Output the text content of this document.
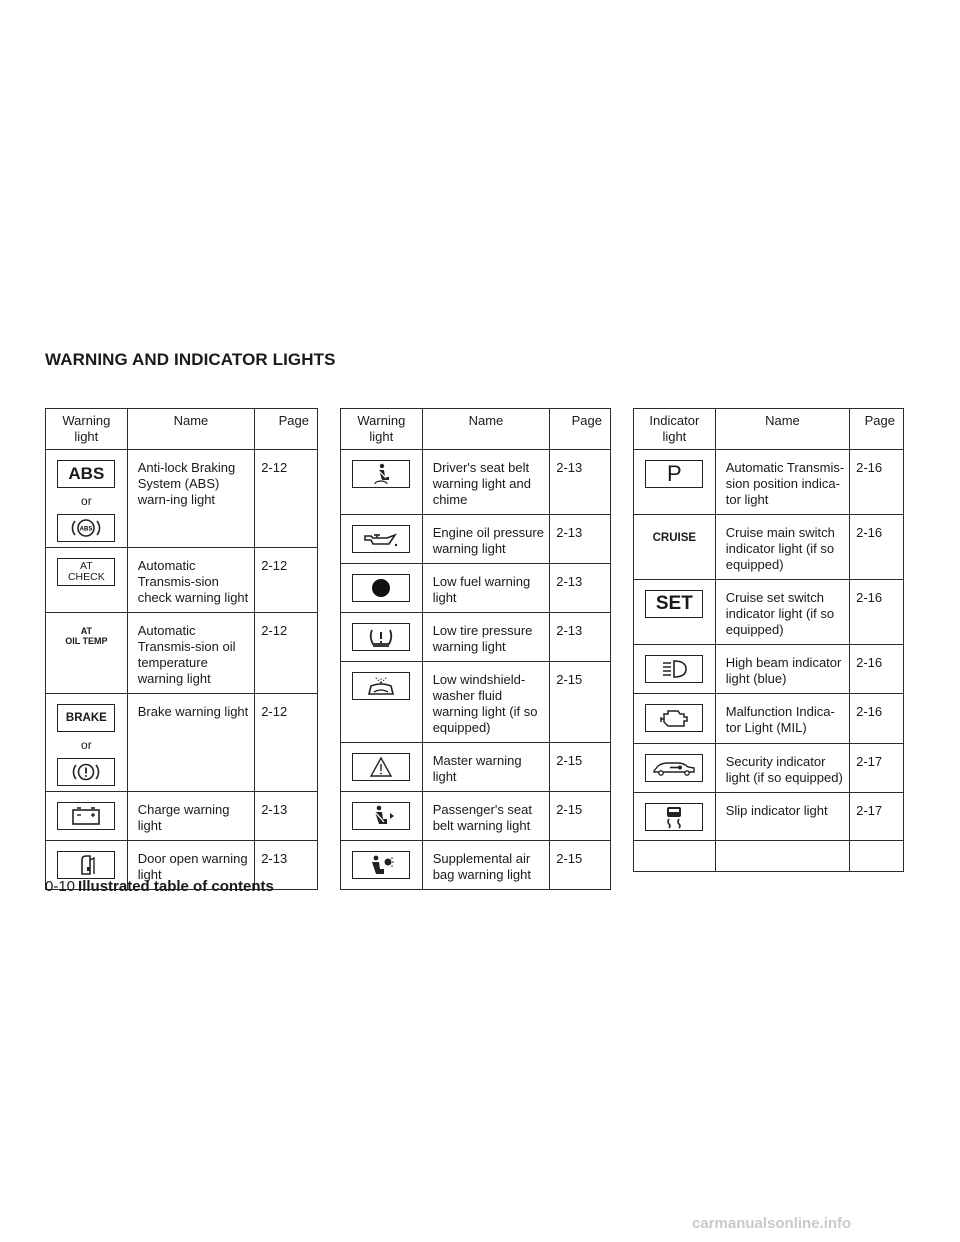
WARNING AND INDICATOR LIGHTS
Warning
light	Name	Page
ABS
or
ABS	Anti-lock Braking System (ABS) warn-ing light	2-12
AT
CHECK	Automatic Transmis-sion check warning light	2-12
AT
OIL TEMP	Automatic Transmis-sion oil temperature warning light	2-12
BRAKE
or	Brake warning light	2-12

	Charge warning light	2-13

	Door open warning light	2-13
Warning
light	Name	Page

	Driver's seat belt warning light and chime	2-13

	Engine oil pressure warning light	2-13

	Low fuel warning light	2-13

	Low tire pressure warning light	2-13

	Low windshield-washer fluid warning light (if so equipped)	2-15

	Master warning light	2-15

	Passenger's seat belt warning light	2-15

	Supplemental air bag warning light	2-15
Indicator
light	Name	Page
P	Automatic Transmis-sion position indica-tor light	2-16
CRUISE	Cruise main switch indicator light (if so equipped)	2-16
SET	Cruise set switch indicator light (if so equipped)	2-16

	High beam indicator light (blue)	2-16

	Malfunction Indica-tor Light (MIL)	2-16

	Security indicator light (if so equipped)	2-17

	Slip indicator light	2-17

0-10 Illustrated table of contents
carmanualsonline.info
